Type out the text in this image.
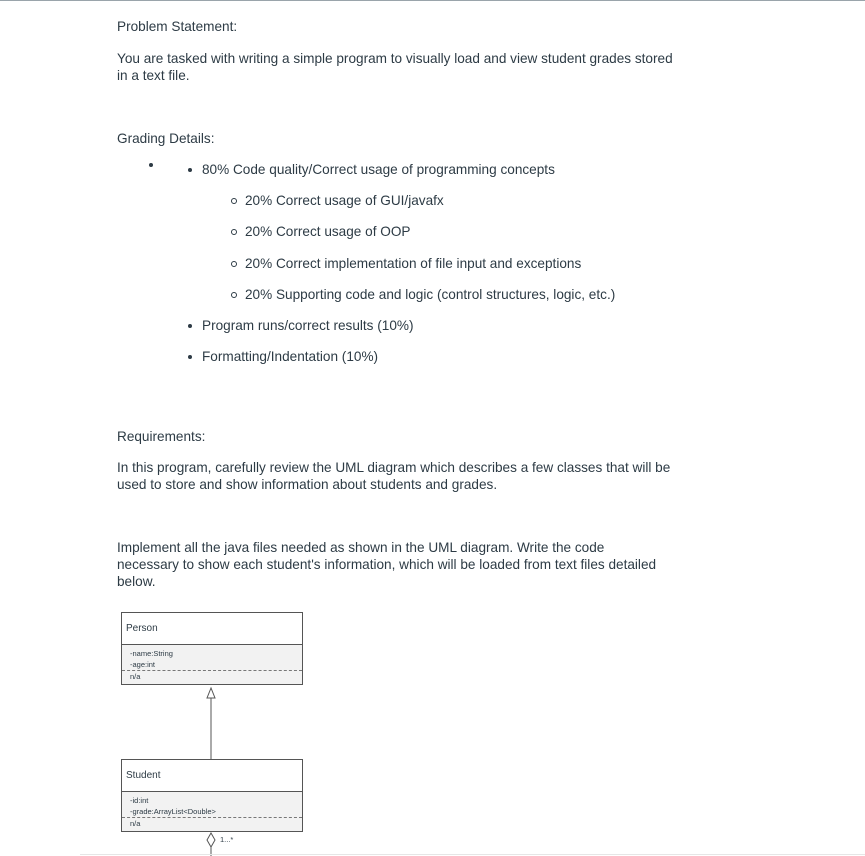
Problem Statement:

You are tasked with writing a simple program to visually load and view student grades stored in a text file.

Grading Details:

Requirements:

In this program, carefully review the UML diagram which describes a few classes that will be used to store and show information about students and grades.

Implement all the java files needed as shown in the UML diagram. Write the code necessary to show each student's information, which will be loaded from text files detailed below.

80% Code quality/Correct usage of programming concepts
20% Correct usage of GUI/javafx
20% Correct usage of OOP
20% Correct implementation of file input and exceptions
20% Supporting code and logic (control structures, logic, etc.)
Program runs/correct results (10%)
Formatting/Indentation (10%)
Person
-name:String
-age:int
n/a
Student
-id:int
-grade:ArrayList<Double>
n/a
1...*
